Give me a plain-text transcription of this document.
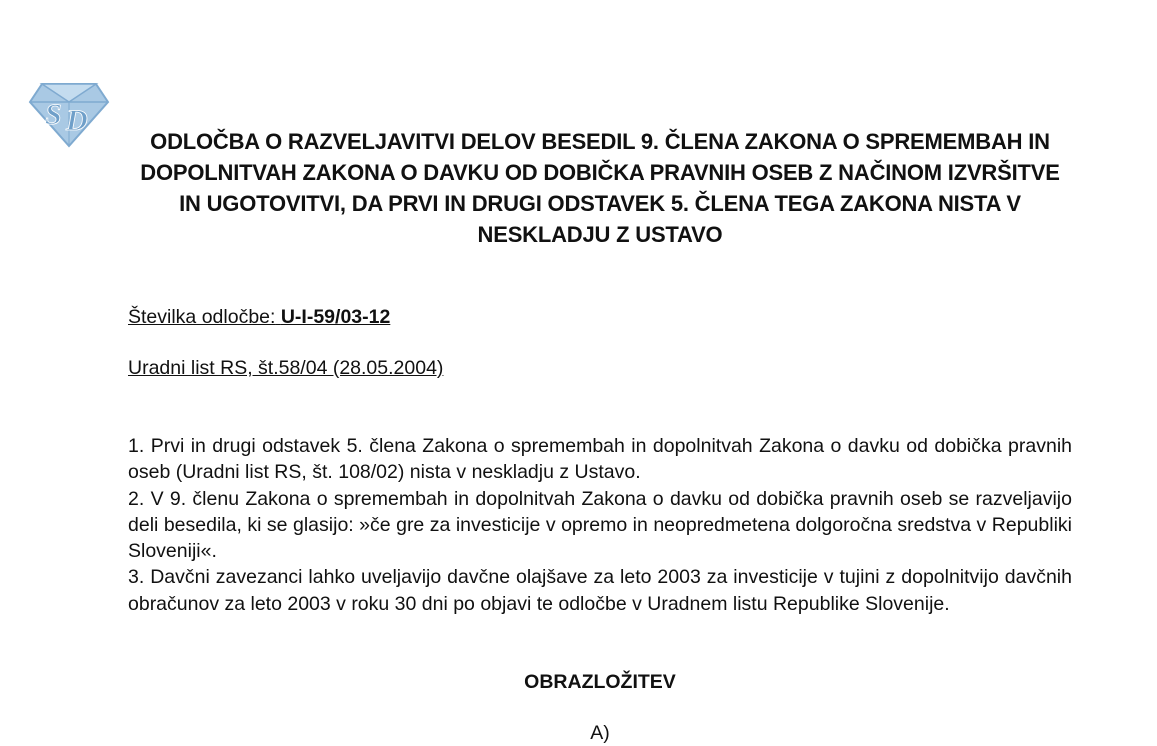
S D
ODLOČBA O RAZVELJAVITVI DELOV BESEDIL 9. ČLENA ZAKONA O SPREMEMBAH IN DOPOLNITVAH ZAKONA O DAVKU OD DOBIČKA PRAVNIH OSEB Z NAČINOM IZVRŠITVE IN UGOTOVITVI, DA PRVI IN DRUGI ODSTAVEK 5. ČLENA TEGA ZAKONA NISTA V NESKLADJU Z USTAVO
Številka odločbe: U-I-59/03-12
Uradni list RS, št.58/04 (28.05.2004)

1. Prvi in drugi odstavek 5. člena Zakona o spremembah in dopolnitvah Zakona o davku od dobička pravnih oseb (Uradni list RS, št. 108/02) nista v neskladju z Ustavo.

2. V 9. členu Zakona o spremembah in dopolnitvah Zakona o davku od dobička pravnih oseb se razveljavijo deli besedila, ki se glasijo: »če gre za investicije v opremo in neopredmetena dolgoročna sredstva v Republiki Sloveniji«.

3. Davčni zavezanci lahko uveljavijo davčne olajšave za leto 2003 za investicije v tujini z dopolnitvijo davčnih obračunov za leto 2003 v roku 30 dni po objavi te odločbe v Uradnem listu Republike Slovenije.

OBRAZLOŽITEV
A)
